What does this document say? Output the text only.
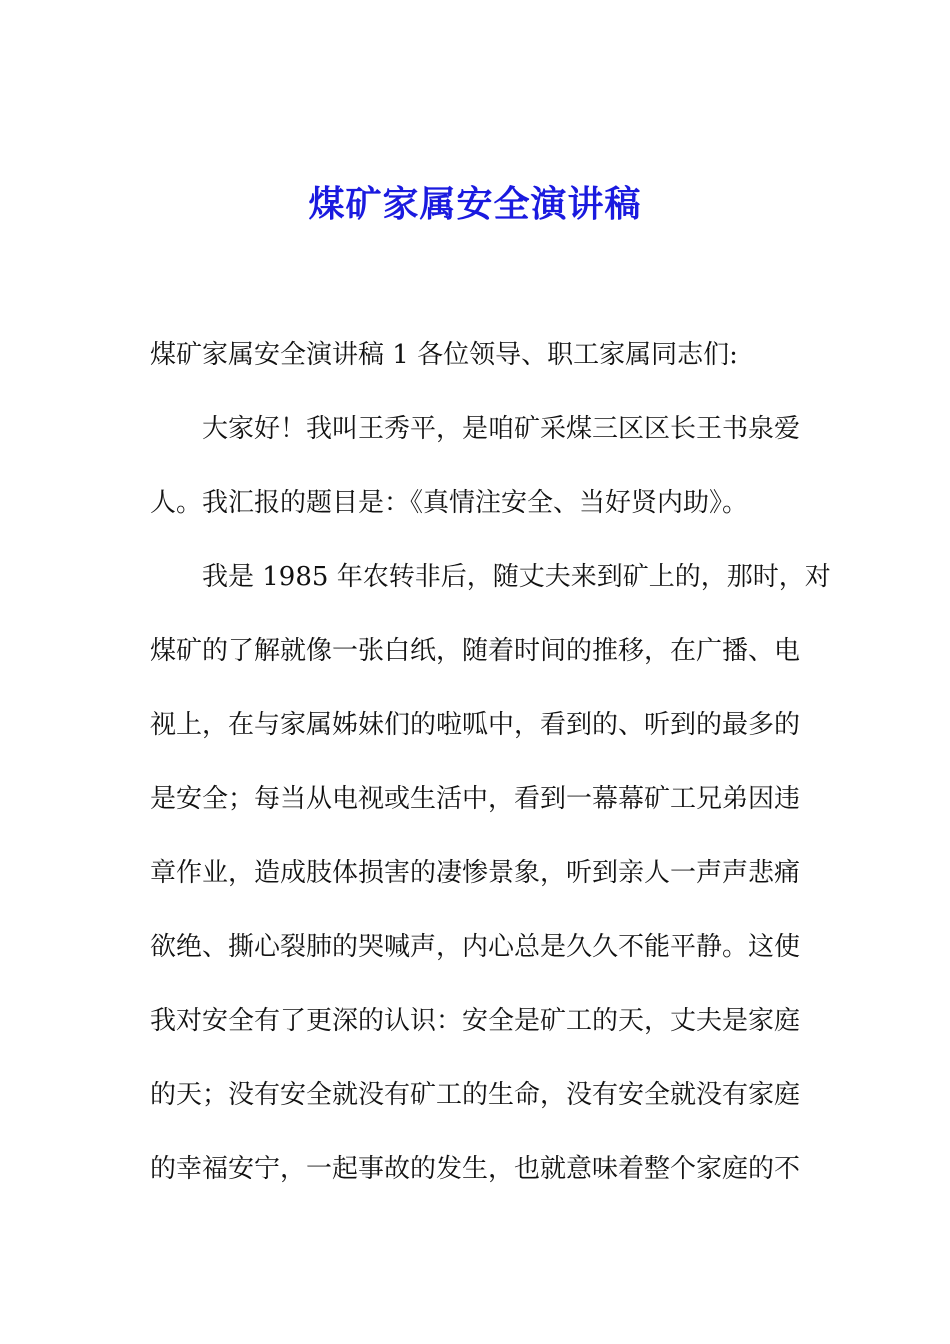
煤矿家属安全演讲稿
煤矿家属安全演讲稿 1 各位领导、职工家属同志们:
大家好！我叫王秀平，是咱矿采煤三区区长王书泉爱
人。我汇报的题目是：《真情注安全、当好贤内助》。
我是 1985 年农转非后，随丈夫来到矿上的，那时，对
煤矿的了解就像一张白纸，随着时间的推移，在广播、电
视上，在与家属姊妹们的啦呱中，看到的、听到的最多的
是安全；每当从电视或生活中，看到一幕幕矿工兄弟因违
章作业，造成肢体损害的凄惨景象，听到亲人一声声悲痛
欲绝、撕心裂肺的哭喊声，内心总是久久不能平静。这使
我对安全有了更深的认识：安全是矿工的天，丈夫是家庭
的天；没有安全就没有矿工的生命，没有安全就没有家庭
的幸福安宁，一起事故的发生，也就意味着整个家庭的不
